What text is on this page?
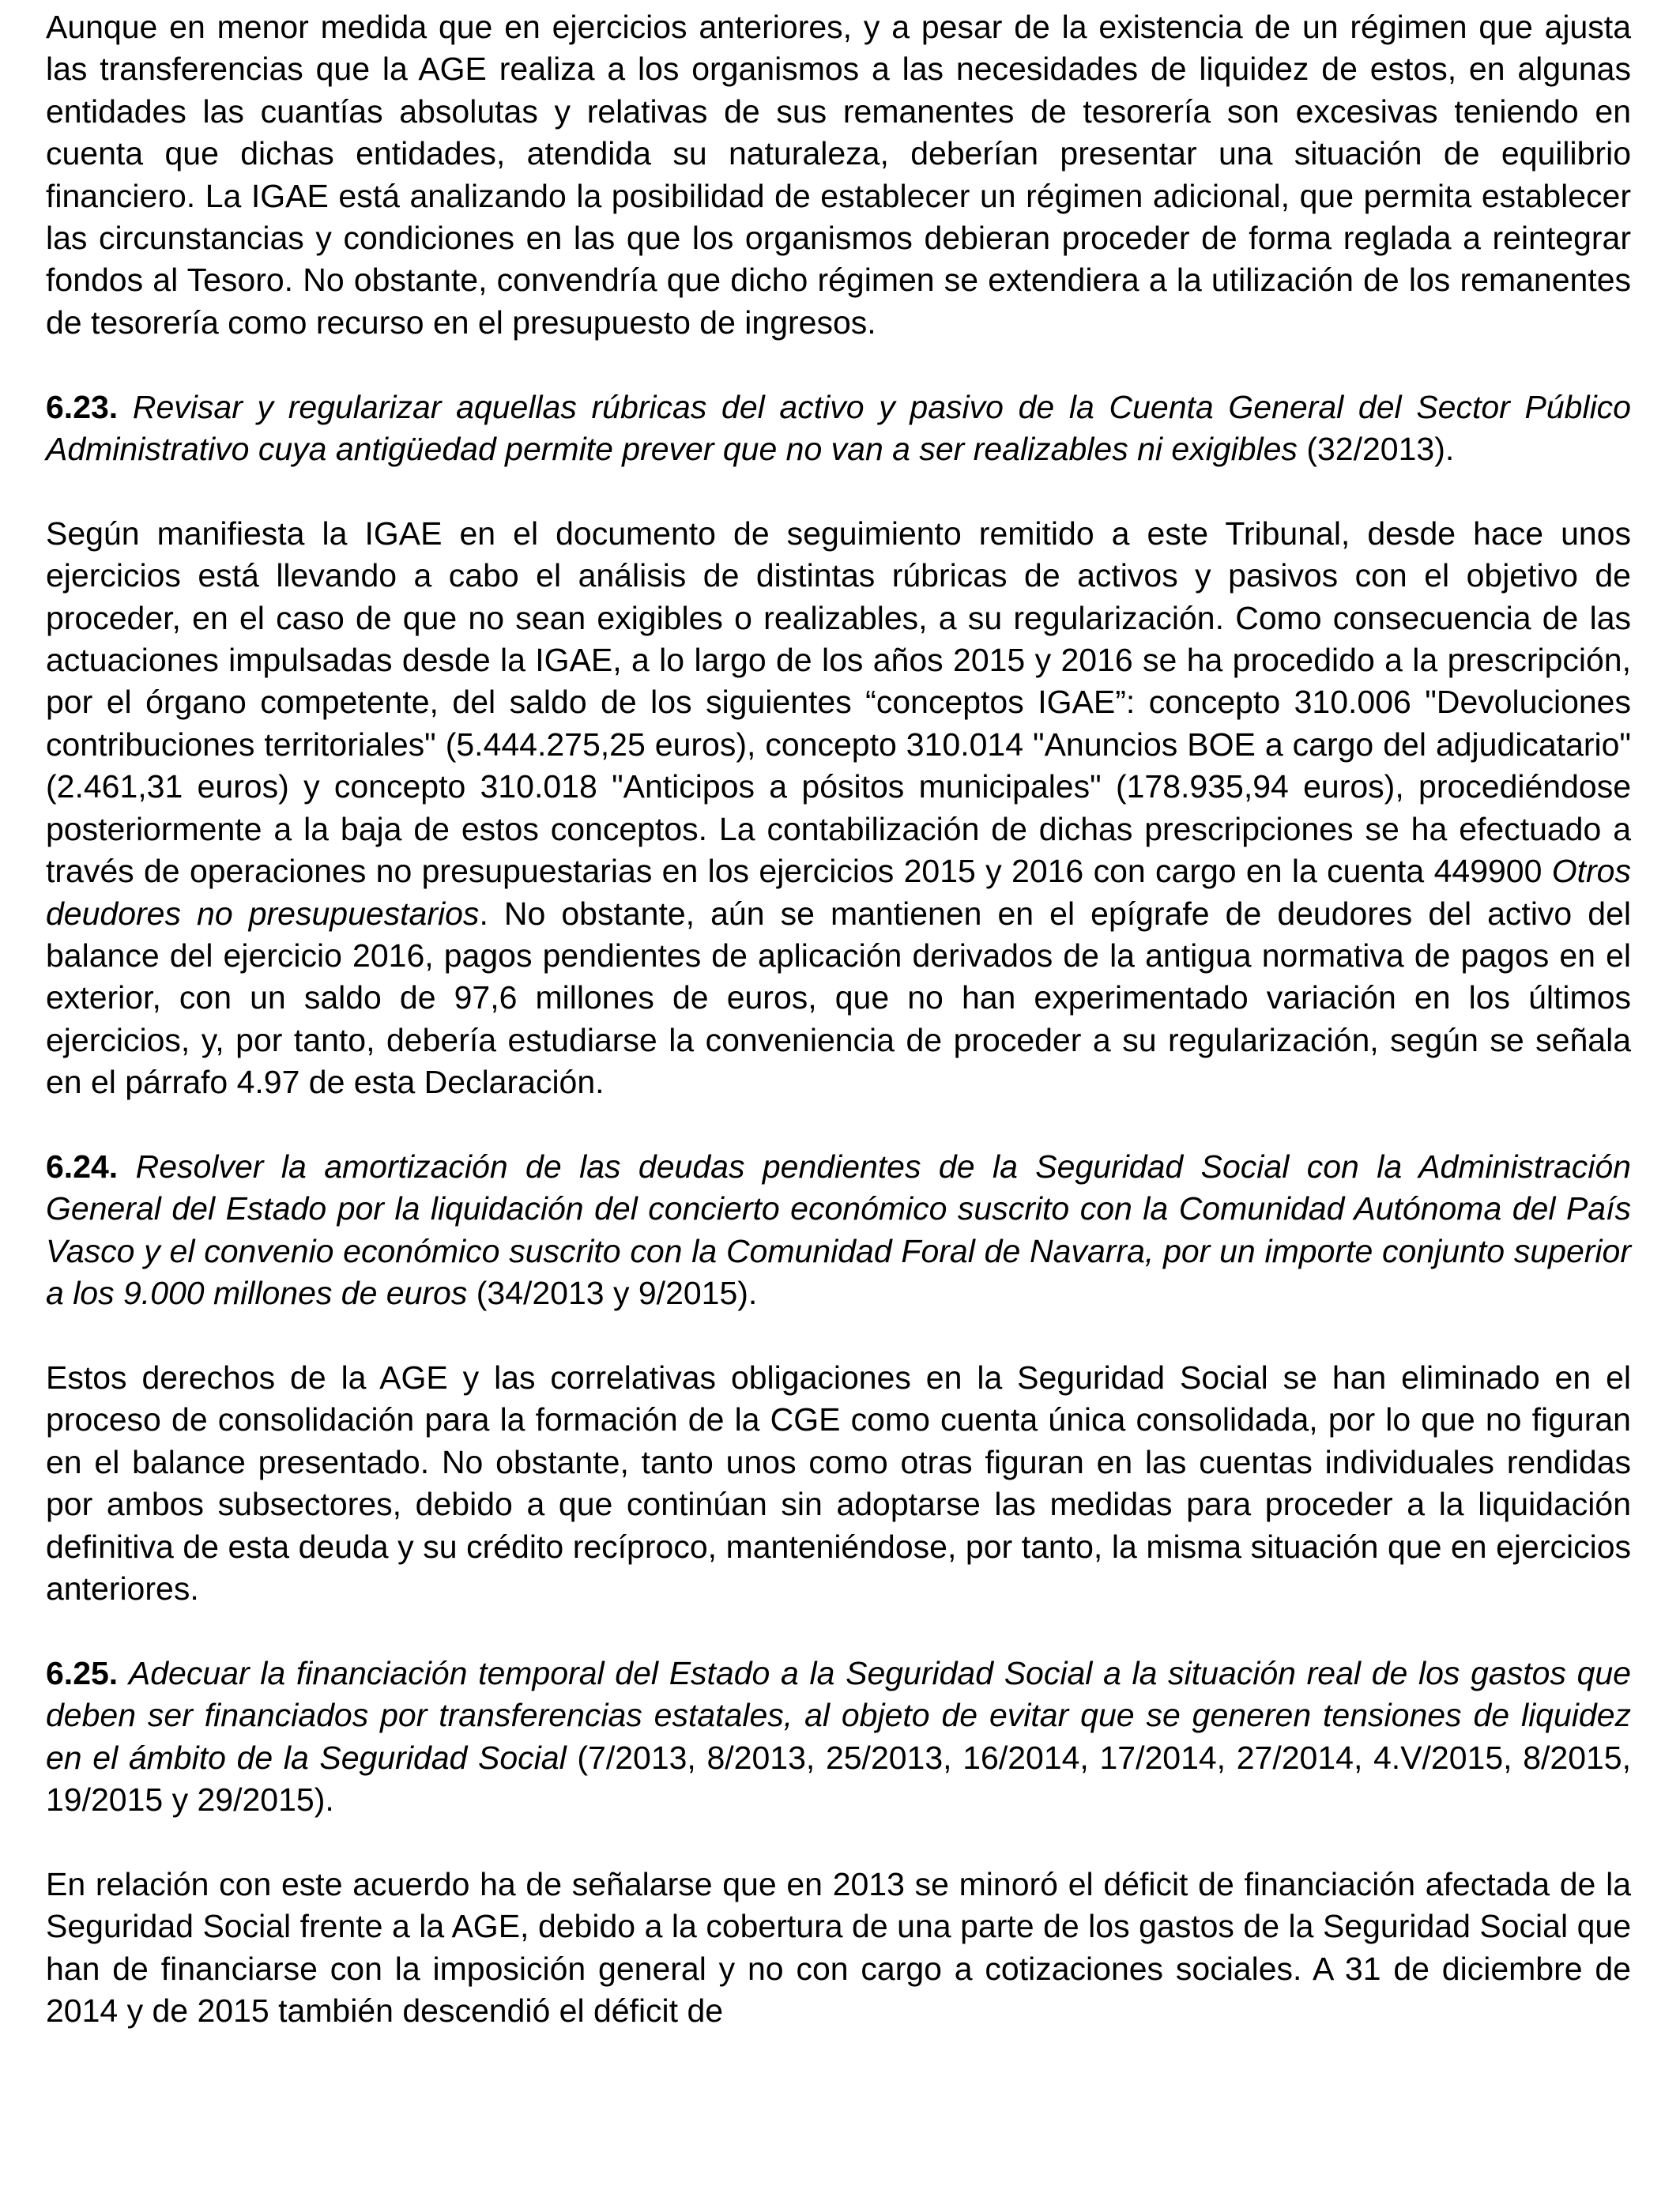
Aunque en menor medida que en ejercicios anteriores, y a pesar de la existencia de un régimen que ajusta las transferencias que la AGE realiza a los organismos a las necesidades de liquidez de estos, en algunas entidades las cuantías absolutas y relativas de sus remanentes de tesorería son excesivas teniendo en cuenta que dichas entidades, atendida su naturaleza, deberían presentar una situación de equilibrio financiero. La IGAE está analizando la posibilidad de establecer un régimen adicional, que permita establecer las circunstancias y condiciones en las que los organismos debieran proceder de forma reglada a reintegrar fondos al Tesoro. No obstante, convendría que dicho régimen se extendiera a la utilización de los remanentes de tesorería como recurso en el presupuesto de ingresos.

6.23. Revisar y regularizar aquellas rúbricas del activo y pasivo de la Cuenta General del Sector Público Administrativo cuya antigüedad permite prever que no van a ser realizables ni exigibles (32/2013).

Según manifiesta la IGAE en el documento de seguimiento remitido a este Tribunal, desde hace unos ejercicios está llevando a cabo el análisis de distintas rúbricas de activos y pasivos con el objetivo de proceder, en el caso de que no sean exigibles o realizables, a su regularización. Como consecuencia de las actuaciones impulsadas desde la IGAE, a lo largo de los años 2015 y 2016 se ha procedido a la prescripción, por el órgano competente, del saldo de los siguientes “conceptos IGAE”: concepto 310.006 "Devoluciones contribuciones territoriales" (5.444.275,25 euros), concepto 310.014 "Anuncios BOE a cargo del adjudicatario" (2.461,31 euros) y concepto 310.018 "Anticipos a pósitos municipales" (178.935,94 euros), procediéndose posteriormente a la baja de estos conceptos. La contabilización de dichas prescripciones se ha efectuado a través de operaciones no presupuestarias en los ejercicios 2015 y 2016 con cargo en la cuenta 449900 Otros deudores no presupuestarios. No obstante, aún se mantienen en el epígrafe de deudores del activo del balance del ejercicio 2016, pagos pendientes de aplicación derivados de la antigua normativa de pagos en el exterior, con un saldo de 97,6 millones de euros, que no han experimentado variación en los últimos ejercicios, y, por tanto, debería estudiarse la conveniencia de proceder a su regularización, según se señala en el párrafo 4.97 de esta Declaración.

6.24. Resolver la amortización de las deudas pendientes de la Seguridad Social con la Administración General del Estado por la liquidación del concierto económico suscrito con la Comunidad Autónoma del País Vasco y el convenio económico suscrito con la Comunidad Foral de Navarra, por un importe conjunto superior a los 9.000 millones de euros (34/2013 y 9/2015).

Estos derechos de la AGE y las correlativas obligaciones en la Seguridad Social se han eliminado en el proceso de consolidación para la formación de la CGE como cuenta única consolidada, por lo que no figuran en el balance presentado. No obstante, tanto unos como otras figuran en las cuentas individuales rendidas por ambos subsectores, debido a que continúan sin adoptarse las medidas para proceder a la liquidación definitiva de esta deuda y su crédito recíproco, manteniéndose, por tanto, la misma situación que en ejercicios anteriores.

6.25. Adecuar la financiación temporal del Estado a la Seguridad Social a la situación real de los gastos que deben ser financiados por transferencias estatales, al objeto de evitar que se generen tensiones de liquidez en el ámbito de la Seguridad Social (7/2013, 8/2013, 25/2013, 16/2014, 17/2014, 27/2014, 4.V/2015, 8/2015, 19/2015 y 29/2015).

En relación con este acuerdo ha de señalarse que en 2013 se minoró el déficit de financiación afectada de la Seguridad Social frente a la AGE, debido a la cobertura de una parte de los gastos de la Seguridad Social que han de financiarse con la imposición general y no con cargo a cotizaciones sociales. A 31 de diciembre de 2014 y de 2015 también descendió el déficit de
